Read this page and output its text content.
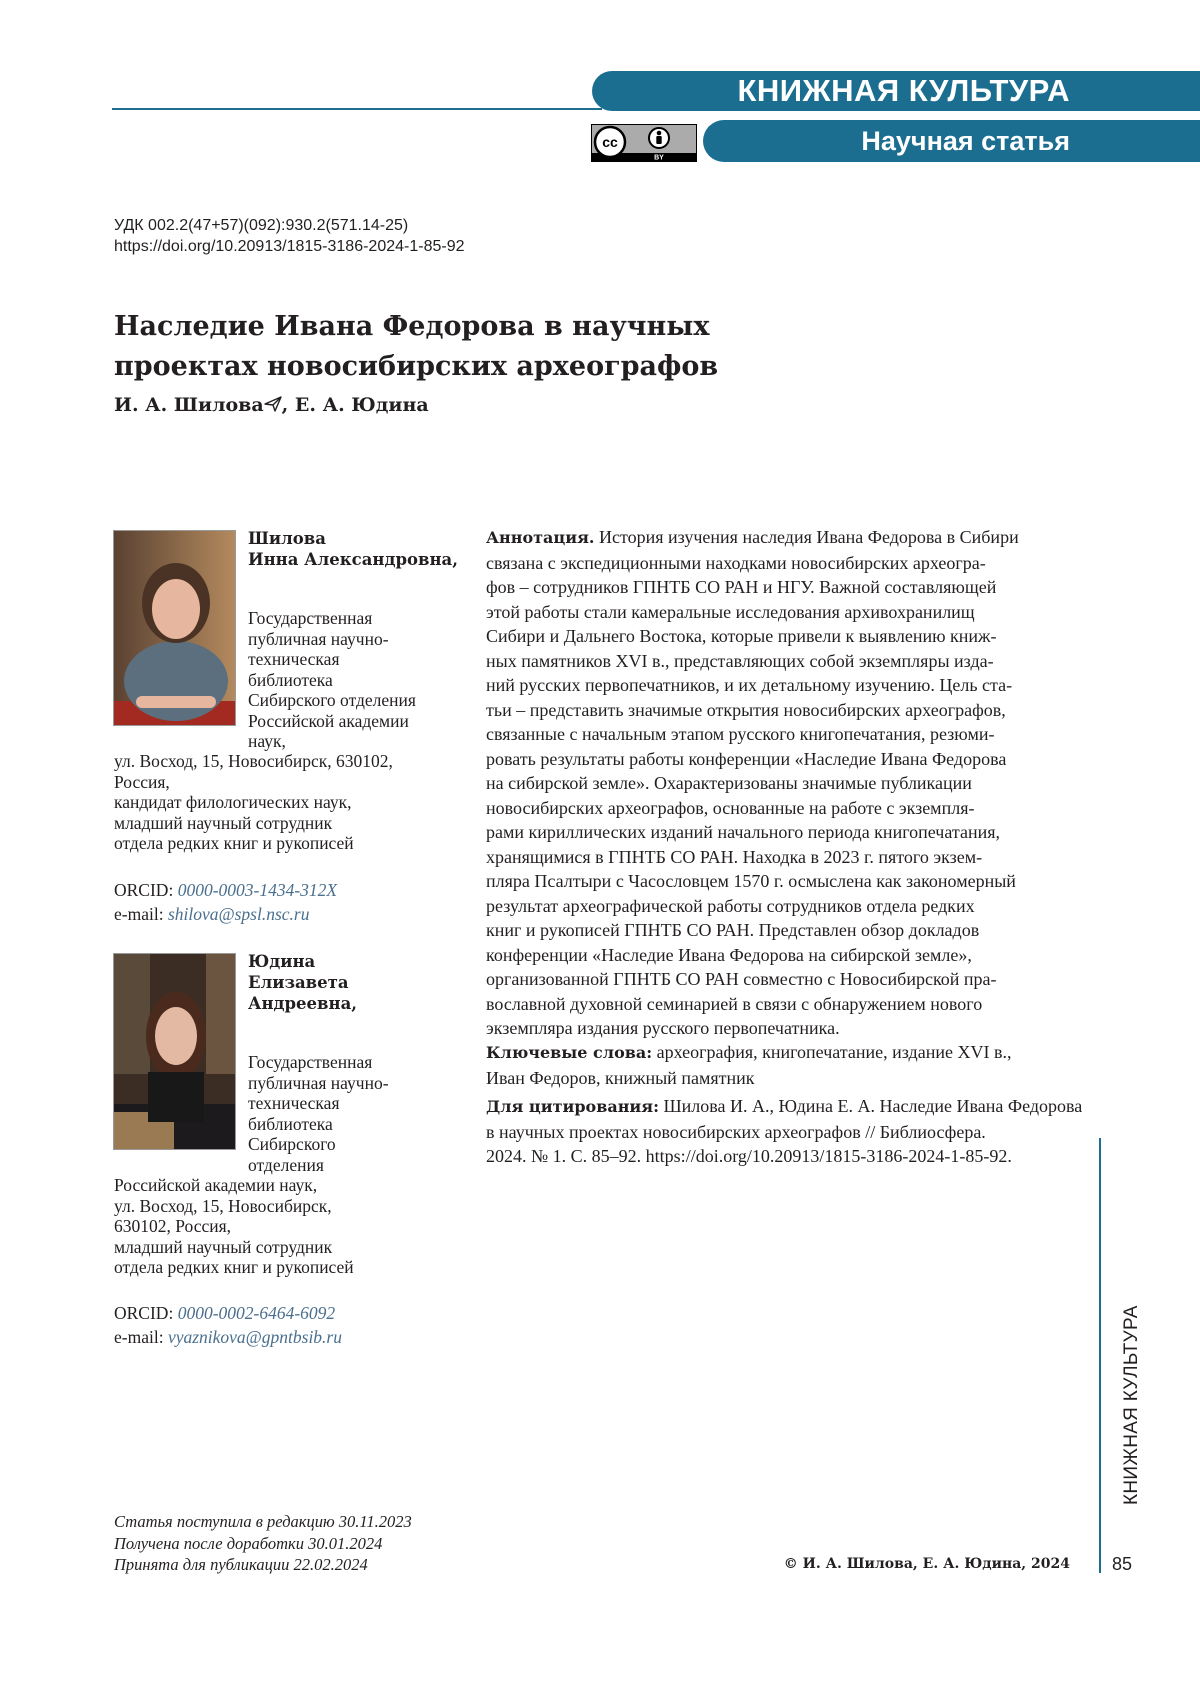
КНИЖНАЯ КУЛЬТУРА
Научная статья
cc
BY
УДК 002.2(47+57)(092):930.2(571.14-25)
https://doi.org/10.20913/1815-3186-2024-1-85-92
Наследие Ивана Федорова в научных
проектах новосибирских археографов
И. А. Шилова , Е. А. Юдина
Шилова
Инна Александровна,
Государственная
публичная научно-
техническая
библиотека
Сибирского отделения
Российской академии
наук,
ул. Восход, 15, Новосибирск, 630102,
Россия,
кандидат филологических наук,
младший научный сотрудник
отдела редких книг и рукописей
ORCID: 0000-0003-1434-312X
e-mail: shilova@spsl.nsc.ru
Юдина
Елизавета
Андреевна,
Государственная
публичная научно-
техническая
библиотека
Сибирского
отделения
Российской академии наук,
ул. Восход, 15, Новосибирск,
630102, Россия,
младший научный сотрудник
отдела редких книг и рукописей
ORCID: 0000-0002-6464-6092
e-mail: vyaznikova@gpntbsib.ru
Аннотация. История изучения наследия Ивана Федорова в Сибири
связана с экспедиционными находками новосибирских археогра-
фов – сотрудников ГПНТБ СО РАН и НГУ. Важной составляющей
этой работы стали камеральные исследования архивохранилищ
Сибири и Дальнего Востока, которые привели к выявлению книж-
ных памятников XVI в., представляющих собой экземпляры изда-
ний русских первопечатников, и их детальному изучению. Цель ста-
тьи – представить значимые открытия новосибирских археографов,
связанные с начальным этапом русского книгопечатания, резюми-
ровать результаты работы конференции «Наследие Ивана Федорова
на сибирской земле». Охарактеризованы значимые публикации
новосибирских археографов, основанные на работе с экземпля-
рами кириллических изданий начального периода книгопечатания,
хранящимися в ГПНТБ СО РАН. Находка в 2023 г. пятого экзем-
пляра Псалтыри с Часословцем 1570 г. осмыслена как закономерный
результат археографической работы сотрудников отдела редких
книг и рукописей ГПНТБ СО РАН. Представлен обзор докладов
конференции «Наследие Ивана Федорова на сибирской земле»,
организованной ГПНТБ СО РАН совместно с Новосибирской пра-
вославной духовной семинарией в связи с обнаружением нового
экземпляра издания русского первопечатника.
Ключевые слова: археография, книгопечатание, издание XVI в.,
Иван Федоров, книжный памятник
Для цитирования: Шилова И. А., Юдина Е. А. Наследие Ивана Федорова
в научных проектах новосибирских археографов // Библиосфера.
2024. № 1. С. 85–92. https://doi.org/10.20913/1815-3186-2024-1-85-92.
Статья поступила в редакцию 30.11.2023
Получена после доработки 30.01.2024
Принята для публикации 22.02.2024	© И. А. Шилова, Е. А. Юдина, 2024
КНИЖНАЯ КУЛЬТУРА
85
